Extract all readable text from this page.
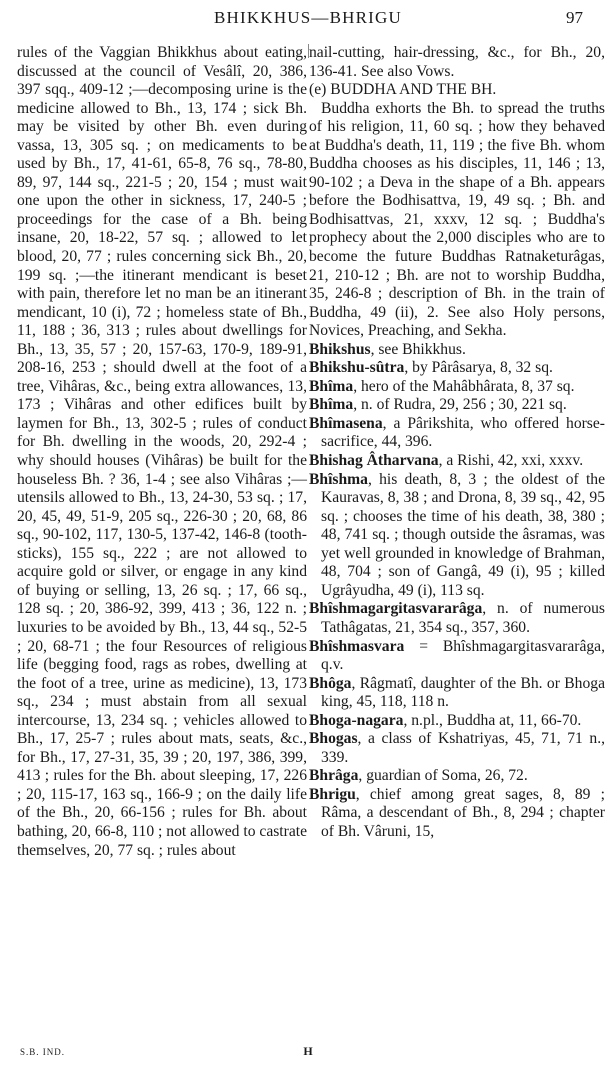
BHIKKHUS—BHRIGU	97

rules of the Vaggian Bhikkhus about eating, discussed at the council of Vesâlî, 20, 386, 397 sqq., 409-12 ;—decomposing urine is the medicine allowed to Bh., 13, 174 ; sick Bh. may be visited by other Bh. even during vassa, 13, 305 sq. ; on medicaments to be used by Bh., 17, 41-61, 65-8, 76 sq., 78-80, 89, 97, 144 sq., 221-5 ; 20, 154 ; must wait one upon the other in sickness, 17, 240-5 ; proceedings for the case of a Bh. being insane, 20, 18-22, 57 sq. ; allowed to let blood, 20, 77 ; rules concerning sick Bh., 20, 199 sq. ;—the itinerant mendicant is beset with pain, therefore let no man be an itinerant mendicant, 10 (i), 72 ; homeless state of Bh., 11, 188 ; 36, 313 ; rules about dwellings for Bh., 13, 35, 57 ; 20, 157-63, 170-9, 189-91, 208-16, 253 ; should dwell at the foot of a tree, Vihâras, &c., being extra allowances, 13, 173 ; Vihâras and other edifices built by laymen for Bh., 13, 302-5 ; rules of conduct for Bh. dwelling in the woods, 20, 292-4 ; why should houses (Vihâras) be built for the houseless Bh. ? 36, 1-4 ; see also Vihâras ;—utensils allowed to Bh., 13, 24-30, 53 sq. ; 17, 20, 45, 49, 51-9, 205 sq., 226-30 ; 20, 68, 86 sq., 90-102, 117, 130-5, 137-42, 146-8 (tooth-sticks), 155 sq., 222 ; are not allowed to acquire gold or silver, or engage in any kind of buying or selling, 13, 26 sq. ; 17, 66 sq., 128 sq. ; 20, 386-92, 399, 413 ; 36, 122 n. ; luxuries to be avoided by Bh., 13, 44 sq., 52-5 ; 20, 68-71 ; the four Resources of religious life (begging food, rags as robes, dwelling at the foot of a tree, urine as medicine), 13, 173 sq., 234 ; must abstain from all sexual intercourse, 13, 234 sq. ; vehicles allowed to Bh., 17, 25-7 ; rules about mats, seats, &c., for Bh., 17, 27-31, 35, 39 ; 20, 197, 386, 399, 413 ; rules for the Bh. about sleeping, 17, 226 ; 20, 115-17, 163 sq., 166-9 ; on the daily life of the Bh., 20, 66-156 ; rules for Bh. about bathing, 20, 66-8, 110 ; not allowed to castrate themselves, 20, 77 sq. ; rules about

nail-cutting, hair-dressing, &c., for Bh., 20, 136-41. See also Vows.

(e) BUDDHA AND THE BH.

Buddha exhorts the Bh. to spread the truths of his religion, 11, 60 sq. ; how they behaved at Buddha's death, 11, 119 ; the five Bh. whom Buddha chooses as his disciples, 11, 146 ; 13, 90-102 ; a Deva in the shape of a Bh. appears before the Bodhisattva, 19, 49 sq. ; Bh. and Bodhisattvas, 21, xxxv, 12 sq. ; Buddha's prophecy about the 2,000 disciples who are to become the future Buddhas Ratnaketurâgas, 21, 210-12 ; Bh. are not to worship Buddha, 35, 246-8 ; description of Bh. in the train of Buddha, 49 (ii), 2. See also Holy persons, Novices, Preaching, and Sekha.

Bhikshus, see Bhikkhus.

Bhikshu-sûtra, by Pârâsarya, 8, 32 sq.

Bhîma, hero of the Mahâbhârata, 8, 37 sq.

Bhîma, n. of Rudra, 29, 256 ; 30, 221 sq.

Bhîmasena, a Pârikshita, who offered horse-sacrifice, 44, 396.

Bhishag Âtharvana, a Rishi, 42, xxi, xxxv.

Bhîshma, his death, 8, 3 ; the oldest of the Kauravas, 8, 38 ; and Drona, 8, 39 sq., 42, 95 sq. ; chooses the time of his death, 38, 380 ; 48, 741 sq. ; though outside the âsramas, was yet well grounded in knowledge of Brahman, 48, 704 ; son of Gangâ, 49 (i), 95 ; killed Ugrâyudha, 49 (i), 113 sq.

Bhîshmagargitasvararâga, n. of numerous Tathâgatas, 21, 354 sq., 357, 360.

Bhîshmasvara = Bhîshmagargitasvararâga, q.v.

Bhôga, Râgmatî, daughter of the Bh. or Bhoga king, 45, 118, 118 n.

Bhoga-nagara, n.pl., Buddha at, 11, 66-70.

Bhogas, a class of Kshatriyas, 45, 71, 71 n., 339.

Bhrâga, guardian of Soma, 26, 72.

Bhrigu, chief among great sages, 8, 89 ; Râma, a descendant of Bh., 8, 294 ; chapter of Bh. Vâruni, 15,

S.B. IND.	H
